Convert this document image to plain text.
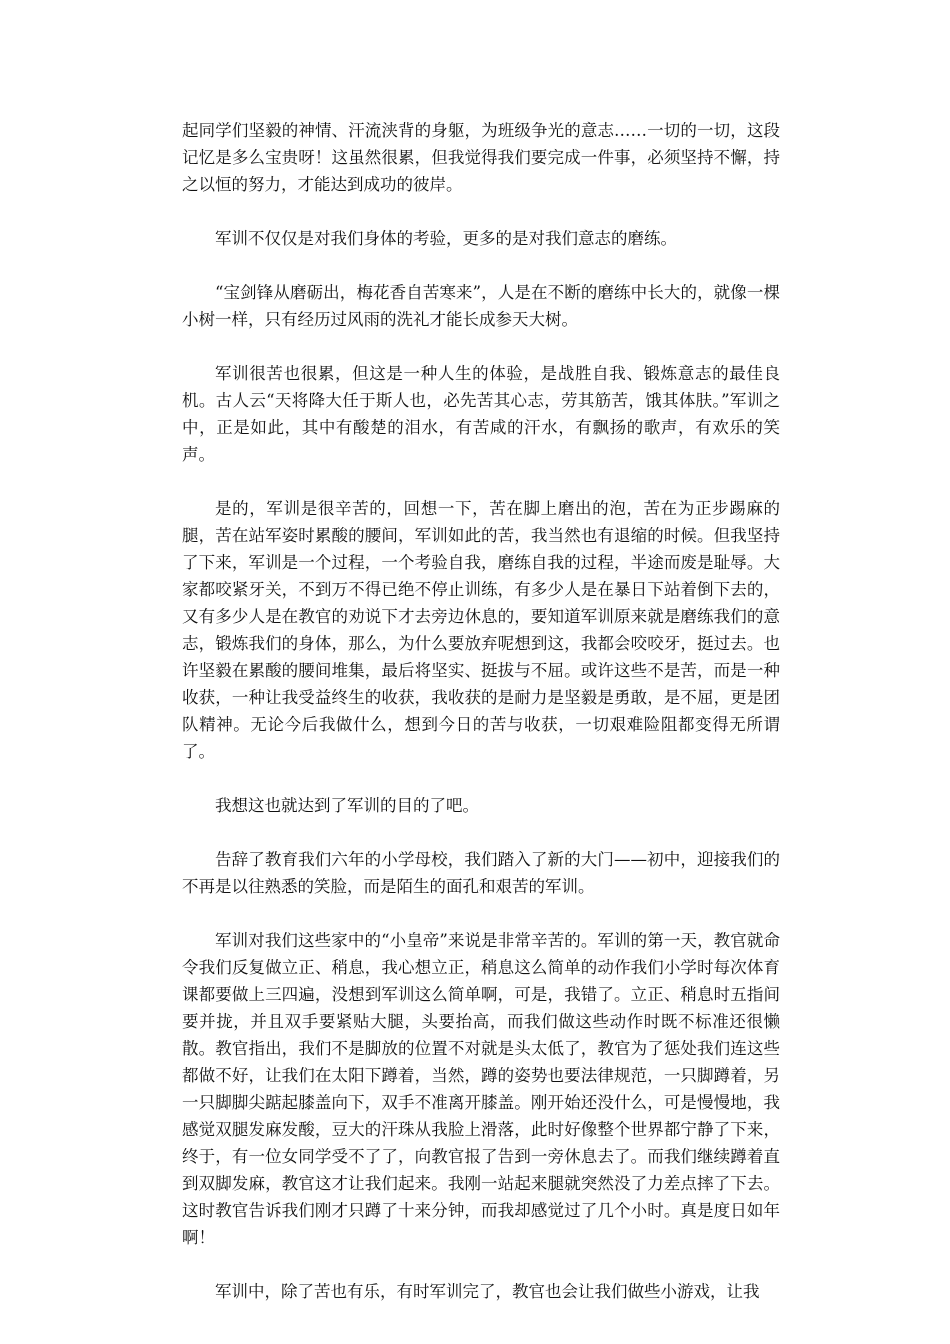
起同学们坚毅的神情、汗流浃背的身躯，为班级争光的意志……一切的一切，这段记忆是多么宝贵呀！这虽然很累，但我觉得我们要完成一件事，必须坚持不懈，持之以恒的努力，才能达到成功的彼岸。

军训不仅仅是对我们身体的考验，更多的是对我们意志的磨练。

“宝剑锋从磨砺出，梅花香自苦寒来”，人是在不断的磨练中长大的，就像一棵小树一样，只有经历过风雨的洗礼才能长成参天大树。

军训很苦也很累，但这是一种人生的体验，是战胜自我、锻炼意志的最佳良机。古人云“天将降大任于斯人也，必先苦其心志，劳其筋苦，饿其体肤。”军训之中，正是如此，其中有酸楚的泪水，有苦咸的汗水，有飘扬的歌声，有欢乐的笑声。

是的，军训是很辛苦的，回想一下，苦在脚上磨出的泡，苦在为正步踢麻的腿，苦在站军姿时累酸的腰间，军训如此的苦，我当然也有退缩的时候。但我坚持了下来，军训是一个过程，一个考验自我，磨练自我的过程，半途而废是耻辱。大家都咬紧牙关，不到万不得已绝不停止训练，有多少人是在暴日下站着倒下去的，又有多少人是在教官的劝说下才去旁边休息的，要知道军训原来就是磨练我们的意志，锻炼我们的身体，那么，为什么要放弃呢想到这，我都会咬咬牙，挺过去。也许坚毅在累酸的腰间堆集，最后将坚实、挺拔与不屈。或许这些不是苦，而是一种收获，一种让我受益终生的收获，我收获的是耐力是坚毅是勇敢，是不屈，更是团队精神。无论今后我做什么，想到今日的苦与收获，一切艰难险阻都变得无所谓了。

我想这也就达到了军训的目的了吧。

告辞了教育我们六年的小学母校，我们踏入了新的大门——初中，迎接我们的不再是以往熟悉的笑脸，而是陌生的面孔和艰苦的军训。

军训对我们这些家中的“小皇帝”来说是非常辛苦的。军训的第一天，教官就命令我们反复做立正、稍息，我心想立正，稍息这么简单的动作我们小学时每次体育课都要做上三四遍，没想到军训这么简单啊，可是，我错了。立正、稍息时五指间要并拢，并且双手要紧贴大腿，头要抬高，而我们做这些动作时既不标准还很懒散。教官指出，我们不是脚放的位置不对就是头太低了，教官为了惩处我们连这些都做不好，让我们在太阳下蹲着，当然，蹲的姿势也要法律规范，一只脚蹲着，另一只脚脚尖踮起膝盖向下，双手不准离开膝盖。刚开始还没什么，可是慢慢地，我感觉双腿发麻发酸，豆大的汗珠从我脸上滑落，此时好像整个世界都宁静了下来，终于，有一位女同学受不了了，向教官报了告到一旁休息去了。而我们继续蹲着直到双脚发麻，教官这才让我们起来。我刚一站起来腿就突然没了力差点摔了下去。这时教官告诉我们刚才只蹲了十来分钟，而我却感觉过了几个小时。真是度日如年啊！

军训中，除了苦也有乐，有时军训完了，教官也会让我们做些小游戏，让我
